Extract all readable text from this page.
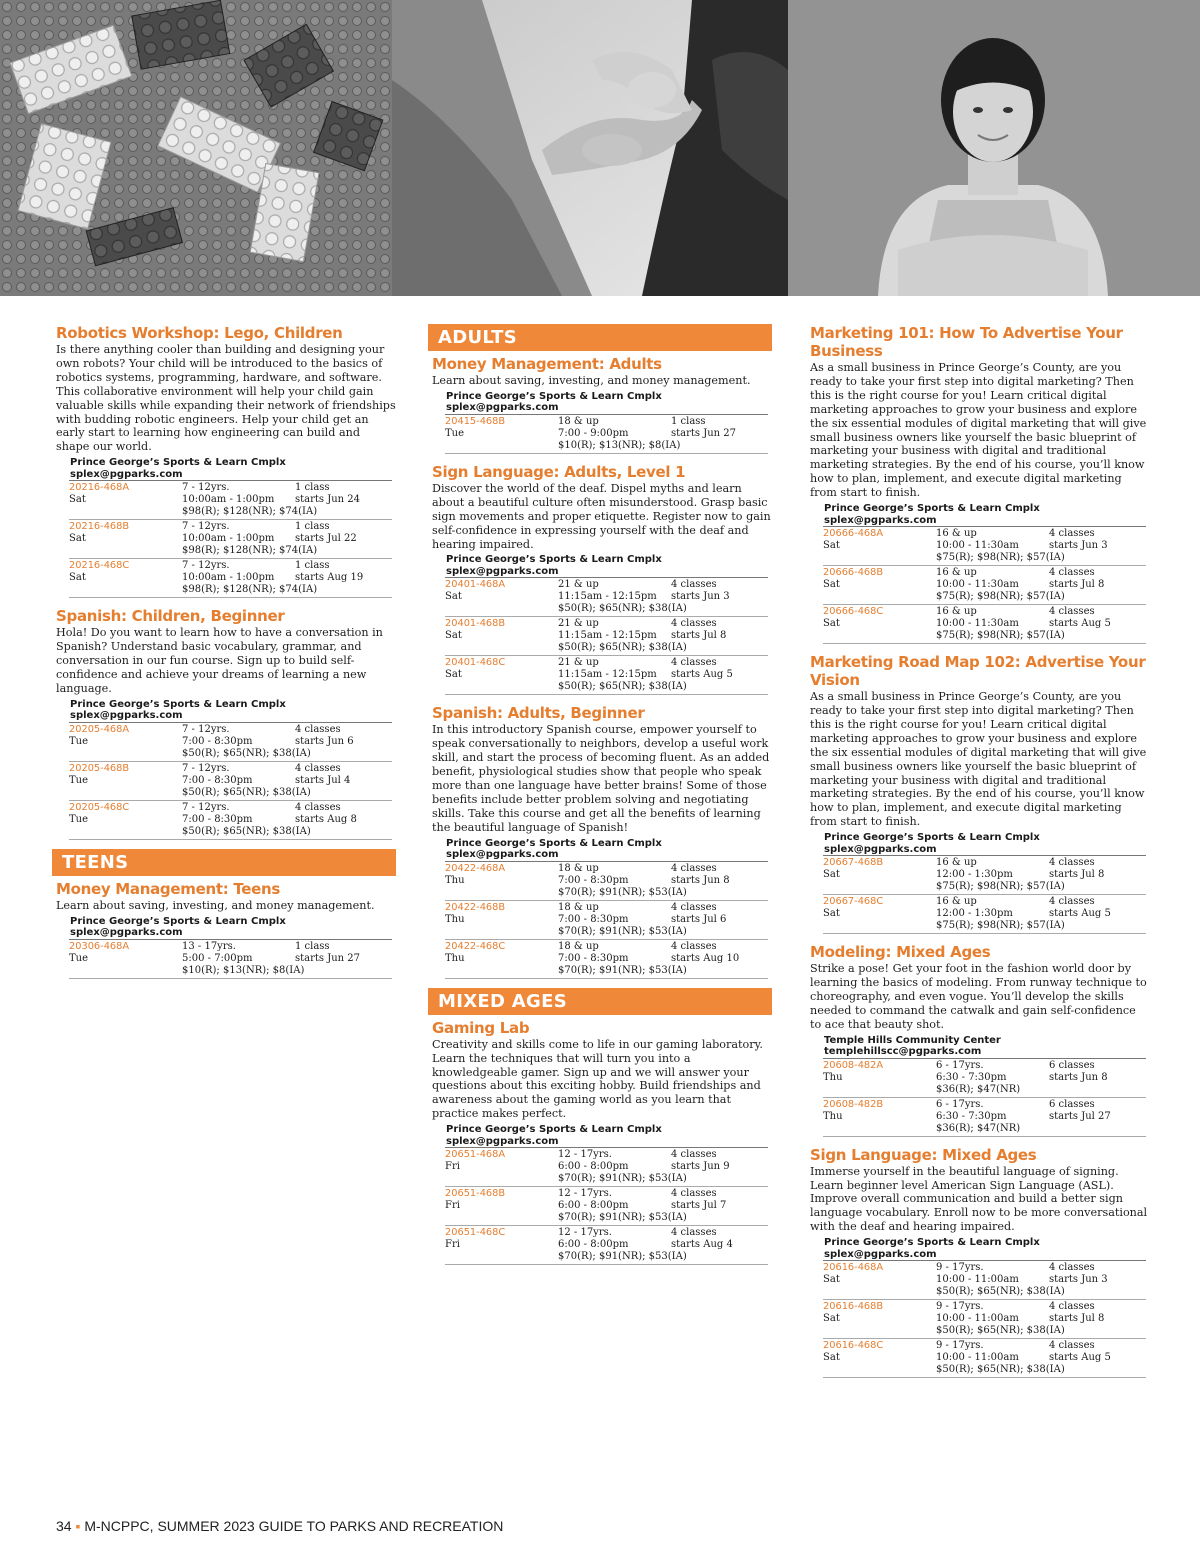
Robotics Workshop: Lego, Children
Is there anything cooler than building and designing your own robots? Your child will be introduced to the basics of robotics systems, programming, hardware, and software. This collaborative environment will help your child gain valuable skills while expanding their network of friendships with budding robotic engineers. Help your child get an early start to learning how engineering can build and shape our world.
Prince George’s Sports & Learn Cmplx
splex@pgparks.com
20216-468A	7 - 12yrs.	1 class
Sat	10:00am - 1:00pm	starts Jun 24
$98(R); $128(NR); $74(IA)
20216-468B	7 - 12yrs.	1 class
Sat	10:00am - 1:00pm	starts Jul 22
$98(R); $128(NR); $74(IA)
20216-468C	7 - 12yrs.	1 class
Sat	10:00am - 1:00pm	starts Aug 19
$98(R); $128(NR); $74(IA)
Spanish: Children, Beginner
Hola! Do you want to learn how to have a conversation in Spanish? Understand basic vocabulary, grammar, and conversation in our fun course. Sign up to build self-confidence and achieve your dreams of learning a new language.
Prince George’s Sports & Learn Cmplx
splex@pgparks.com
20205-468A	7 - 12yrs.	4 classes
Tue	7:00 - 8:30pm	starts Jun 6
$50(R); $65(NR); $38(IA)
20205-468B	7 - 12yrs.	4 classes
Tue	7:00 - 8:30pm	starts Jul 4
$50(R); $65(NR); $38(IA)
20205-468C	7 - 12yrs.	4 classes
Tue	7:00 - 8:30pm	starts Aug 8
$50(R); $65(NR); $38(IA)
TEENS
Money Management: Teens
Learn about saving, investing, and money management.
Prince George’s Sports & Learn Cmplx
splex@pgparks.com
20306-468A	13 - 17yrs.	1 class
Tue	5:00 - 7:00pm	starts Jun 27
$10(R); $13(NR); $8(IA)
ADULTS
Money Management: Adults
Learn about saving, investing, and money management.
Prince George’s Sports & Learn Cmplx
splex@pgparks.com
20415-468B	18 & up	1 class
Tue	7:00 - 9:00pm	starts Jun 27
$10(R); $13(NR); $8(IA)
Sign Language: Adults, Level 1
Discover the world of the deaf. Dispel myths and learn about a beautiful culture often misunderstood. Grasp basic sign movements and proper etiquette. Register now to gain self-confidence in expressing yourself with the deaf and hearing impaired.
Prince George’s Sports & Learn Cmplx
splex@pgparks.com
20401-468A	21 & up	4 classes
Sat	11:15am - 12:15pm	starts Jun 3
$50(R); $65(NR); $38(IA)
20401-468B	21 & up	4 classes
Sat	11:15am - 12:15pm	starts Jul 8
$50(R); $65(NR); $38(IA)
20401-468C	21 & up	4 classes
Sat	11:15am - 12:15pm	starts Aug 5
$50(R); $65(NR); $38(IA)
Spanish: Adults, Beginner
In this introductory Spanish course, empower yourself to speak conversationally to neighbors, develop a useful work skill, and start the process of becoming fluent. As an added benefit, physiological studies show that people who speak more than one language have better brains! Some of those benefits include better problem solving and negotiating skills. Take this course and get all the benefits of learning the beautiful language of Spanish!
Prince George’s Sports & Learn Cmplx
splex@pgparks.com
20422-468A	18 & up	4 classes
Thu	7:00 - 8:30pm	starts Jun 8
$70(R); $91(NR); $53(IA)
20422-468B	18 & up	4 classes
Thu	7:00 - 8:30pm	starts Jul 6
$70(R); $91(NR); $53(IA)
20422-468C	18 & up	4 classes
Thu	7:00 - 8:30pm	starts Aug 10
$70(R); $91(NR); $53(IA)
MIXED AGES
Gaming Lab
Creativity and skills come to life in our gaming laboratory. Learn the techniques that will turn you into a knowledgeable gamer. Sign up and we will answer your questions about this exciting hobby. Build friendships and awareness about the gaming world as you learn that practice makes perfect.
Prince George’s Sports & Learn Cmplx
splex@pgparks.com
20651-468A	12 - 17yrs.	4 classes
Fri	6:00 - 8:00pm	starts Jun 9
$70(R); $91(NR); $53(IA)
20651-468B	12 - 17yrs.	4 classes
Fri	6:00 - 8:00pm	starts Jul 7
$70(R); $91(NR); $53(IA)
20651-468C	12 - 17yrs.	4 classes
Fri	6:00 - 8:00pm	starts Aug 4
$70(R); $91(NR); $53(IA)
Marketing 101: How To Advertise Your Business
As a small business in Prince George’s County, are you ready to take your first step into digital marketing? Then this is the right course for you! Learn critical digital marketing approaches to grow your business and explore the six essential modules of digital marketing that will give small business owners like yourself the basic blueprint of marketing your business with digital and traditional marketing strategies. By the end of his course, you’ll know how to plan, implement, and execute digital marketing from start to finish.
Prince George’s Sports & Learn Cmplx
splex@pgparks.com
20666-468A	16 & up	4 classes
Sat	10:00 - 11:30am	starts Jun 3
$75(R); $98(NR); $57(IA)
20666-468B	16 & up	4 classes
Sat	10:00 - 11:30am	starts Jul 8
$75(R); $98(NR); $57(IA)
20666-468C	16 & up	4 classes
Sat	10:00 - 11:30am	starts Aug 5
$75(R); $98(NR); $57(IA)
Marketing Road Map 102: Advertise Your Vision
As a small business in Prince George’s County, are you ready to take your first step into digital marketing? Then this is the right course for you! Learn critical digital marketing approaches to grow your business and explore the six essential modules of digital marketing that will give small business owners like yourself the basic blueprint of marketing your business with digital and traditional marketing strategies. By the end of his course, you’ll know how to plan, implement, and execute digital marketing from start to finish.
Prince George’s Sports & Learn Cmplx
splex@pgparks.com
20667-468B	16 & up	4 classes
Sat	12:00 - 1:30pm	starts Jul 8
$75(R); $98(NR); $57(IA)
20667-468C	16 & up	4 classes
Sat	12:00 - 1:30pm	starts Aug 5
$75(R); $98(NR); $57(IA)
Modeling: Mixed Ages
Strike a pose! Get your foot in the fashion world door by learning the basics of modeling. From runway technique to choreography, and even vogue. You’ll develop the skills needed to command the catwalk and gain self-confidence to ace that beauty shot.
Temple Hills Community Center
templehillscc@pgparks.com
20608-482A	6 - 17yrs.	6 classes
Thu	6:30 - 7:30pm	starts Jun 8
$36(R); $47(NR)
20608-482B	6 - 17yrs.	6 classes
Thu	6:30 - 7:30pm	starts Jul 27
$36(R); $47(NR)
Sign Language: Mixed Ages
Immerse yourself in the beautiful language of signing. Learn beginner level American Sign Language (ASL). Improve overall communication and build a better sign language vocabulary. Enroll now to be more conversational with the deaf and hearing impaired.
Prince George’s Sports & Learn Cmplx
splex@pgparks.com
20616-468A	9 - 17yrs.	4 classes
Sat	10:00 - 11:00am	starts Jun 3
$50(R); $65(NR); $38(IA)
20616-468B	9 - 17yrs.	4 classes
Sat	10:00 - 11:00am	starts Jul 8
$50(R); $65(NR); $38(IA)
20616-468C	9 - 17yrs.	4 classes
Sat	10:00 - 11:00am	starts Aug 5
$50(R); $65(NR); $38(IA)
34 ▪ M-NCPPC, SUMMER 2023 GUIDE TO PARKS AND RECREATION
